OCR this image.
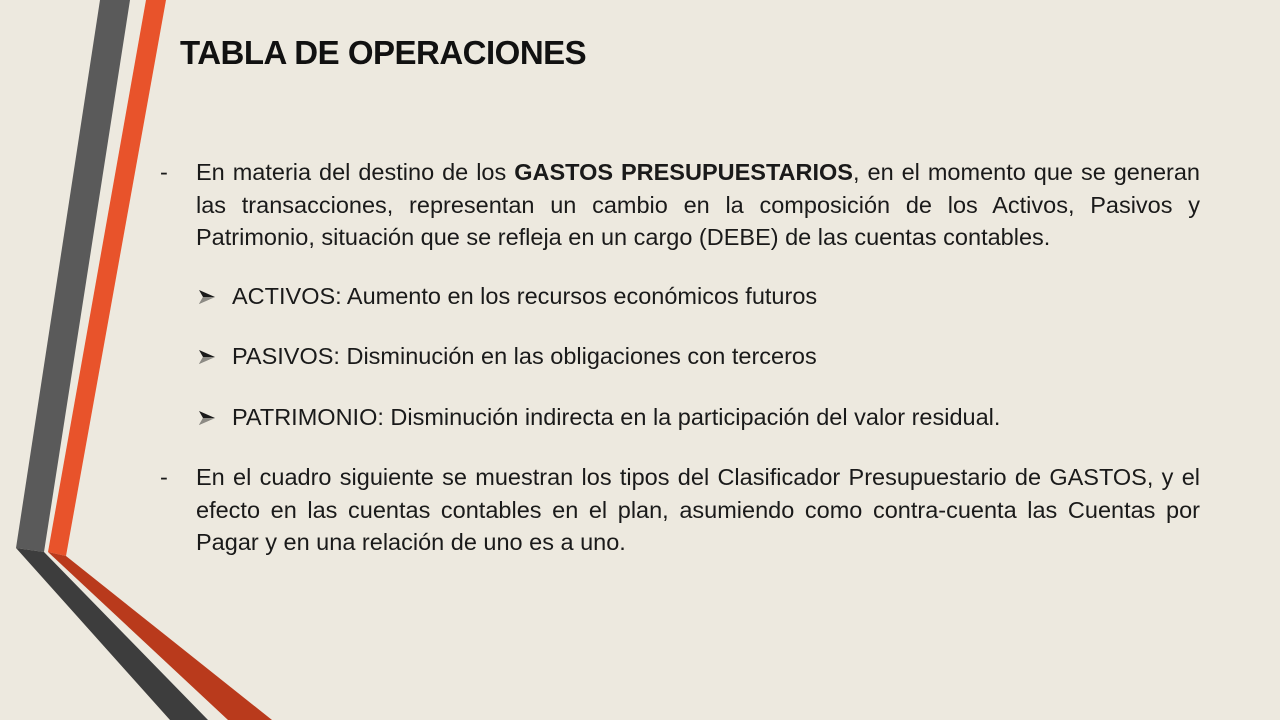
TABLA DE OPERACIONES
- En materia del destino de los GASTOS PRESUPUESTARIOS, en el momento que se generan las transacciones, representan un cambio en la composición de los Activos, Pasivos y Patrimonio, situación que se refleja en un cargo (DEBE) de las cuentas contables.
ACTIVOS: Aumento en los recursos económicos futuros
PASIVOS: Disminución en las obligaciones con terceros
PATRIMONIO: Disminución indirecta en la participación del valor residual.
- En el cuadro siguiente se muestran los tipos del Clasificador Presupuestario de GASTOS, y el efecto en las cuentas contables en el plan, asumiendo como contra-cuenta las Cuentas por Pagar y en una relación de uno es a uno.
